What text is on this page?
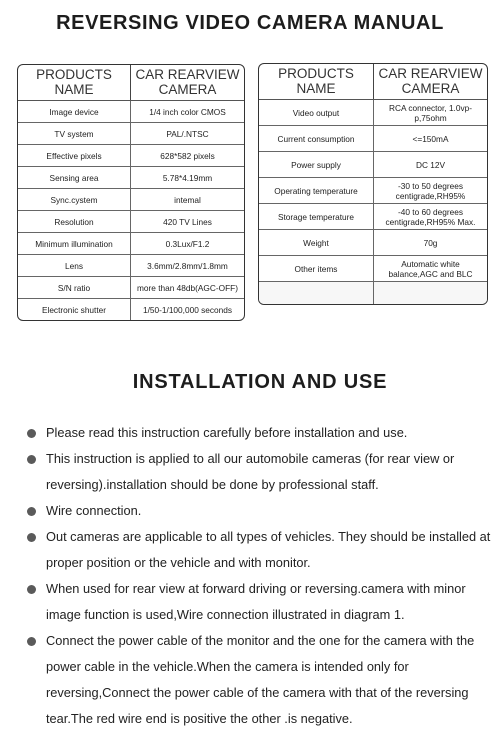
REVERSING VIDEO CAMERA MANUAL
PRODUCTS NAME	CAR REARVIEW CAMERA
Image device	1/4 inch color CMOS
TV system	PAL/.NTSC
Effective pixels	628*582 pixels
Sensing area	5.78*4.19mm
Sync.cystem	intemal
Resolution	420 TV Lines
Minimum illumination	0.3Lux/F1.2
Lens	3.6mm/2.8mm/1.8mm
S/N ratio	more than 48db(AGC-OFF)
Electronic shutter	1/50-1/100,000 seconds
PRODUCTS NAME	CAR REARVIEW CAMERA
Video output	RCA connector, 1.0vp-p,75ohm
Current consumption	<=150mA
Power supply	DC 12V
Operating temperature	-30 to 50 degrees centigrade,RH95%
Storage temperature	-40 to 60 degrees centigrade,RH95% Max.
Weight	70g
Other items	Automatic white balance,AGC and BLC

INSTALLATION AND USE
Please read this instruction carefully before installation and use.
This instruction is applied to all our automobile cameras (for rear view or reversing).installation should be done by professional staff.
Wire connection.
Out cameras are applicable to all types of vehicles. They should be installed at proper position or the vehicle and with monitor.
When used for rear view at forward driving or reversing.camera with minor image function is used,Wire connection illustrated in diagram 1.
Connect the power cable of the monitor and the one for the camera with the power cable in the vehicle.When the camera is intended only for reversing,Connect the power cable of the camera with that of the reversing tear.The red wire end is positive the other .is negative.
